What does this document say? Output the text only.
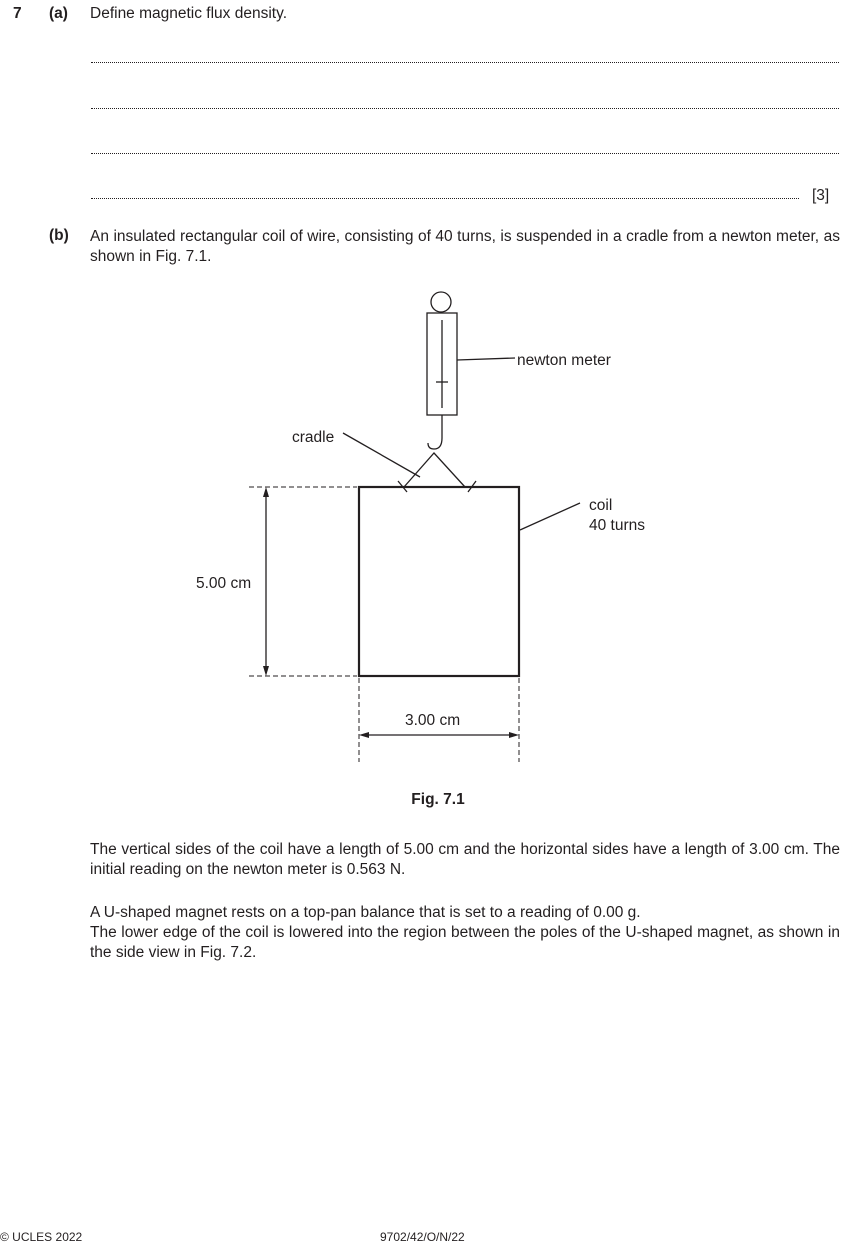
7 (a) Define magnetic flux density.
[3]
(b) An insulated rectangular coil of wire, consisting of 40 turns, is suspended in a cradle from a newton meter, as shown in Fig. 7.1.
newton meter
cradle
coil
40 turns
5.00 cm
3.00 cm
Fig. 7.1
The vertical sides of the coil have a length of 5.00 cm and the horizontal sides have a length of 3.00 cm. The initial reading on the newton meter is 0.563 N.
A U-shaped magnet rests on a top-pan balance that is set to a reading of 0.00 g.
The lower edge of the coil is lowered into the region between the poles of the U-shaped magnet, as shown in the side view in Fig. 7.2.
© UCLES 2022	9702/42/O/N/22
